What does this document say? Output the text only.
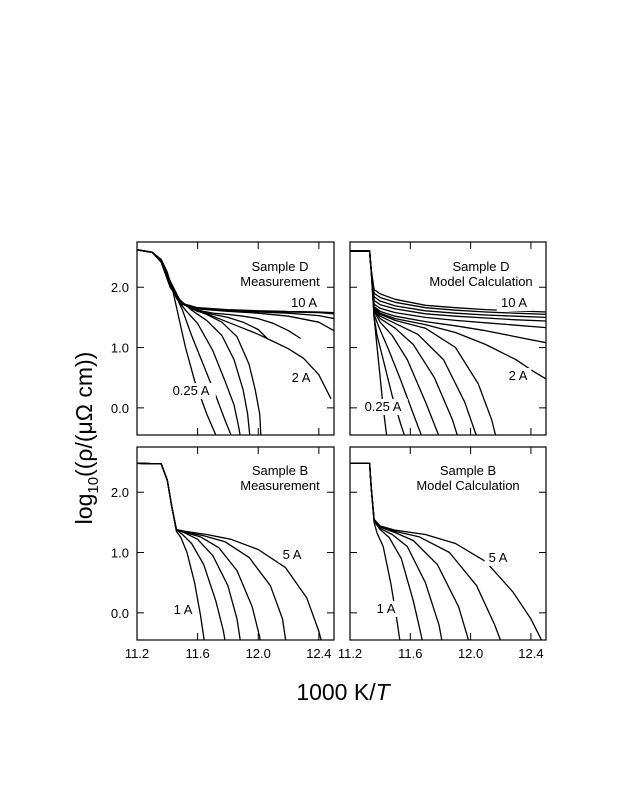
0.0
1.0
2.0
Sample D
Measurement
10 A
2 A
0.25 A
Sample D
Model Calculation
10 A
2 A
0.25 A
0.0
1.0
2.0
11.2	11.6	12.0	12.4
Sample B
Measurement
5 A
1 A
11.2	11.6	12.0	12.4
Sample B
Model Calculation
5 A
1 A
$\log_{10}((\rho/(\mu\Omega$ cm))
1000 K/T
